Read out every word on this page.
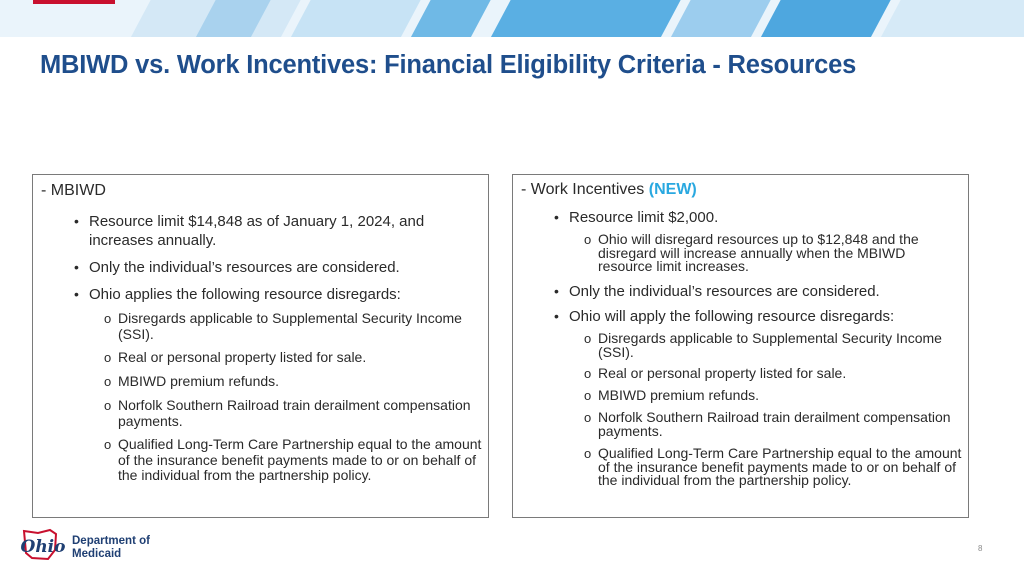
MBIWD vs. Work Incentives: Financial Eligibility Criteria - Resources
- MBIWD
• Resource limit $14,848 as of January 1, 2024, and increases annually.
• Only the individual’s resources are considered.
• Ohio applies the following resource disregards:
o Disregards applicable to Supplemental Security Income (SSI).
o Real or personal property listed for sale.
o MBIWD premium refunds.
o Norfolk Southern Railroad train derailment compensation payments.
o Qualified Long-Term Care Partnership equal to the amount of the insurance benefit payments made to or on behalf of the individual from the partnership policy.
- Work Incentives (NEW)
• Resource limit $2,000.
o Ohio will disregard resources up to $12,848 and the disregard will increase annually when the MBIWD resource limit increases.
• Only the individual’s resources are considered.
• Ohio will apply the following resource disregards:
o Disregards applicable to Supplemental Security Income (SSI).
o Real or personal property listed for sale.
o MBIWD premium refunds.
o Norfolk Southern Railroad train derailment compensation payments.
o Qualified Long-Term Care Partnership equal to the amount of the insurance benefit payments made to or on behalf of the individual from the partnership policy.
Ohio Department of
Medicaid	8
